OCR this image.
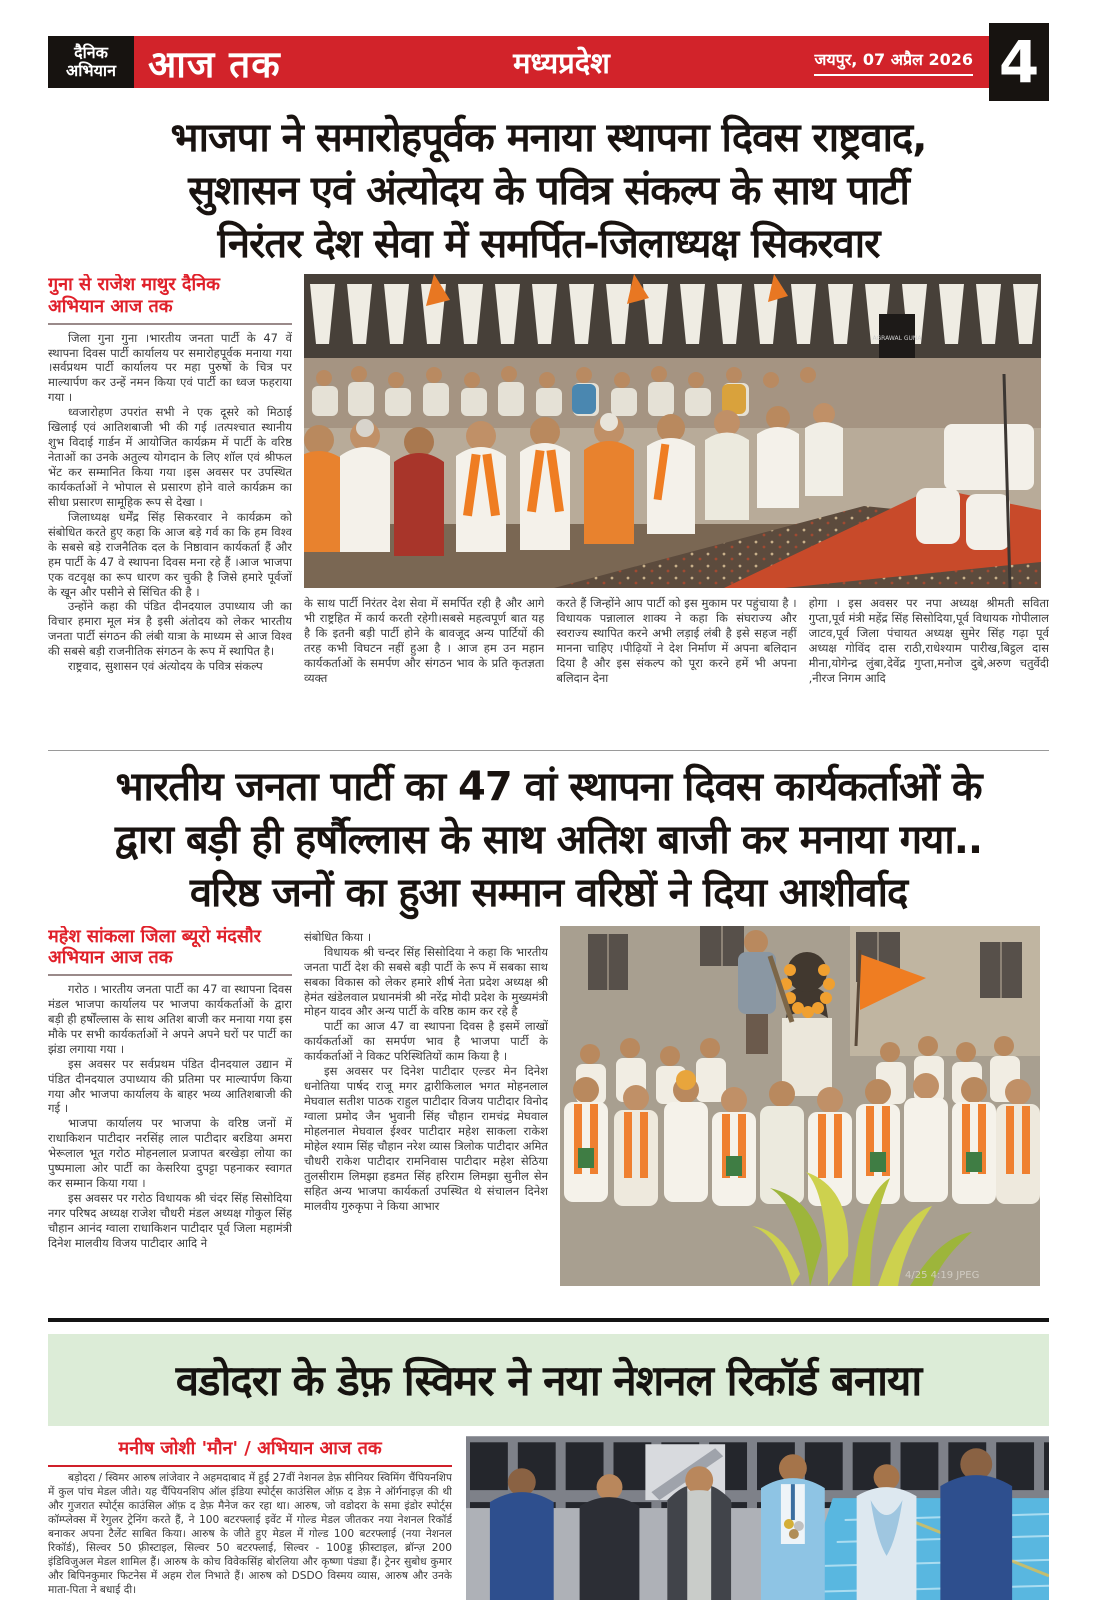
दैनिक
अभियान आज तक	मध्यप्रदेश	जयपुर, 07 अप्रैल 2026 4
भाजपा ने समारोहपूर्वक मनाया स्थापना दिवस राष्ट्रवाद,
सुशासन एवं अंत्योदय के पवित्र संकल्प के साथ पार्टी
निरंतर देश सेवा में समर्पित-जिलाध्यक्ष सिकरवार
गुना से राजेश माथुर दैनिक
अभियान आज तक

जिला गुना गुना ।भारतीय जनता पार्टी के 47 वें स्थापना दिवस पार्टी कार्यालय पर समारोहपूर्वक मनाया गया ।सर्वप्रथम पार्टी कार्यालय पर महा पुरुषों के चित्र पर माल्यार्पण कर उन्हें नमन किया एवं पार्टी का ध्वज फहराया गया ।

ध्वजारोहण उपरांत सभी ने एक दूसरे को मिठाई खिलाई एवं आतिशबाजी भी की गई ।तत्पश्चात स्थानीय शुभ विदाई गार्डन में आयोजित कार्यक्रम में पार्टी के वरिष्ठ नेताओं का उनके अतुल्य योगदान के लिए शॉल एवं श्रीफल भेंट कर सम्मानित किया गया ।इस अवसर पर उपस्थित कार्यकर्ताओं ने भोपाल से प्रसारण होने वाले कार्यक्रम का सीधा प्रसारण सामूहिक रूप से देखा ।

जिलाध्यक्ष धर्मेंद्र सिंह सिकरवार ने कार्यक्रम को संबोधित करते हुए कहा कि आज बड़े गर्व का कि हम विश्व के सबसे बड़े राजनैतिक दल के निष्ठावान कार्यकर्ता हैं और हम पार्टी के 47 वे स्थापना दिवस मना रहे हैं ।आज भाजपा एक वटवृक्ष का रूप धारण कर चुकी है जिसे हमारे पूर्वजों के खून और पसीने से सिंचित की है ।

उन्होंने कहा की पंडित दीनदयाल उपाध्याय जी का विचार हमारा मूल मंत्र है इसी अंतोदय को लेकर भारतीय जनता पार्टी संगठन की लंबी यात्रा के माध्यम से आज विश्व की सबसे बड़ी राजनीतिक संगठन के रूप में स्थापित है।

राष्ट्रवाद, सुशासन एवं अंत्योदय के पवित्र संकल्प

AGRAWAL GUNA

के साथ पार्टी निरंतर देश सेवा में समर्पित रही है और आगे भी राष्ट्रहित में कार्य करती रहेगी।सबसे महत्वपूर्ण बात यह है कि इतनी बड़ी पार्टी होने के बावजूद अन्य पार्टियों की तरह कभी विघटन नहीं हुआ है । आज हम उन महान कार्यकर्ताओं के समर्पण और संगठन भाव के प्रति कृतज्ञता व्यक्त

करते हैं जिन्होंने आप पार्टी को इस मुकाम पर पहुंचाया है । विधायक पन्नालाल शाक्य ने कहा कि संघराज्य और स्वराज्य स्थापित करने अभी लड़ाई लंबी है इसे सहज नहीं मानना चाहिए ।पीढ़ियों ने देश निर्माण में अपना बलिदान दिया है और इस संकल्प को पूरा करने हमें भी अपना बलिदान देना

होगा । इस अवसर पर नपा अध्यक्ष श्रीमती सविता गुप्ता,पूर्व मंत्री महेंद्र सिंह सिसोदिया,पूर्व विधायक गोपीलाल जाटव,पूर्व जिला पंचायत अध्यक्ष सुमेर सिंह गढ़ा पूर्व अध्यक्ष गोविंद दास राठी,राधेश्याम पारीख,बिट्ठल दास मीना,योगेन्द्र लुंबा,देवेंद्र गुप्ता,मनोज दुबे,अरुण चतुर्वेदी ,नीरज निगम आदि

भारतीय जनता पार्टी का 47 वां स्थापना दिवस कार्यकर्ताओं के
द्वारा बड़ी ही हर्षौल्लास के साथ अतिश बाजी कर मनाया गया..
वरिष्ठ जनों का हुआ सम्मान वरिष्ठों ने दिया आशीर्वाद
महेश सांकला जिला ब्यूरो मंदसौर
अभियान आज तक

गरोठ । भारतीय जनता पार्टी का 47 वा स्थापना दिवस मंडल भाजपा कार्यालय पर भाजपा कार्यकर्ताओं के द्वारा बड़ी ही हर्षोंल्लास के साथ अतिश बाजी कर मनाया गया इस मौके पर सभी कार्यकर्ताओं ने अपने अपने घरों पर पार्टी का झंडा लगाया गया ।

इस अवसर पर सर्वप्रथम पंडित दीनदयाल उद्यान में पंडित दीनदयाल उपाध्याय की प्रतिमा पर माल्यार्पण किया गया और भाजपा कार्यालय के बाहर भव्य आतिशबाजी की गई ।

भाजपा कार्यालय पर भाजपा के वरिष्ठ जनों में राधाकिशन पाटीदार नरसिंह लाल पाटीदार बरडिया अमरा भेरूलाल भूत गरोठ मोहनलाल प्रजापत बरखेड़ा लोया का पुष्पमाला ओर पार्टी का केसरिया दुपट्टा पहनाकर स्वागत कर सम्मान किया गया ।

इस अवसर पर गरोठ विधायक श्री चंदर सिंह सिसोदिया नगर परिषद अध्यक्ष राजेश चौधरी मंडल अध्यक्ष गोकुल सिंह चौहान आनंद ग्वाला राधाकिशन पाटीदार पूर्व जिला महामंत्री दिनेश मालवीय विजय पाटीदार आदि ने

संबोधित किया ।

विधायक श्री चन्दर सिंह सिसोदिया ने कहा कि भारतीय जनता पार्टी देश की सबसे बड़ी पार्टी के रूप में सबका साथ सबका विकास को लेकर हमारे शीर्ष नेता प्रदेश अध्यक्ष श्री हेमंत खंडेलवाल प्रधानमंत्री श्री नरेंद्र मोदी प्रदेश के मुख्यमंत्री मोहन यादव और अन्य पार्टी के वरिष्ठ काम कर रहे है

पार्टी का आज 47 वा स्थापना दिवस है इसमें लाखों कार्यकर्ताओं का समर्पण भाव है भाजपा पार्टी के कार्यकर्ताओं ने विकट परिस्थितियों काम किया है ।

इस अवसर पर दिनेश पाटीदार एल्डर मेन दिनेश धनोतिया पार्षद राजू मगर द्वारीकिलाल भगत मोहनलाल मेघवाल सतीश पाठक राहुल पाटीदार विजय पाटीदार विनोद ग्वाला प्रमोद जैन भुवानी सिंह चौहान रामचंद्र मेघवाल मोहलनाल मेघवाल ईश्वर पाटीदार महेश साकला राकेश मोहेल श्याम सिंह चौहान नरेश व्यास त्रिलोक पाटीदार अमित चौधरी राकेश पाटीदार रामनिवास पाटीदार महेश सेठिया तुलसीराम लिमझा हडमत सिंह हरिराम लिमझा सुनील सेन सहित अन्य भाजपा कार्यकर्ता उपस्थित थे संचालन दिनेश मालवीय गुरुकृपा ने किया आभार

4/25 4:19 JPEG
वडोदरा के डेफ़ स्विमर ने नया नेशनल रिकॉर्ड बनाया
मनीष जोशी 'मौन' / अभियान आज तक

बड़ोदरा / स्विमर आरुष लांजेवार ने अहमदाबाद में हुई 27वीं नेशनल डेफ़ सीनियर स्विमिंग चैंपियनशिप में कुल पांच मेडल जीते। यह चैंपियनशिप ऑल इंडिया स्पोर्ट्स काउंसिल ऑफ़ द डेफ़ ने ऑर्गनाइज़ की थी और गुजरात स्पोर्ट्स काउंसिल ऑफ़ द डेफ़ मैनेज कर रहा था। आरुष, जो वडोदरा के समा इंडोर स्पोर्ट्स कॉम्प्लेक्स में रेगुलर ट्रेनिंग करते हैं, ने 100 बटरफ्लाई इवेंट में गोल्ड मेडल जीतकर नया नेशनल रिकॉर्ड बनाकर अपना टैलेंट साबित किया। आरुष के जीते हुए मेडल में गोल्ड 100 बटरफ्लाई (नया नेशनल रिकॉर्ड), सिल्वर 50 फ़्रीस्टाइल, सिल्वर 50 बटरफ्लाई, सिल्वर - 100ड्ड फ़्रीस्टाइल, ब्रॉन्ज़ 200 इंडिविजुअल मेडल शामिल हैं। आरुष के कोच विवेकसिंह बोरलिया और कृष्णा पंड्या हैं। ट्रेनर सुबोध कुमार और बिपिनकुमार फिटनेस में अहम रोल निभाते हैं। आरुष को DSDO विस्मय व्यास, आरुष और उनके माता-पिता ने बधाई दी।
